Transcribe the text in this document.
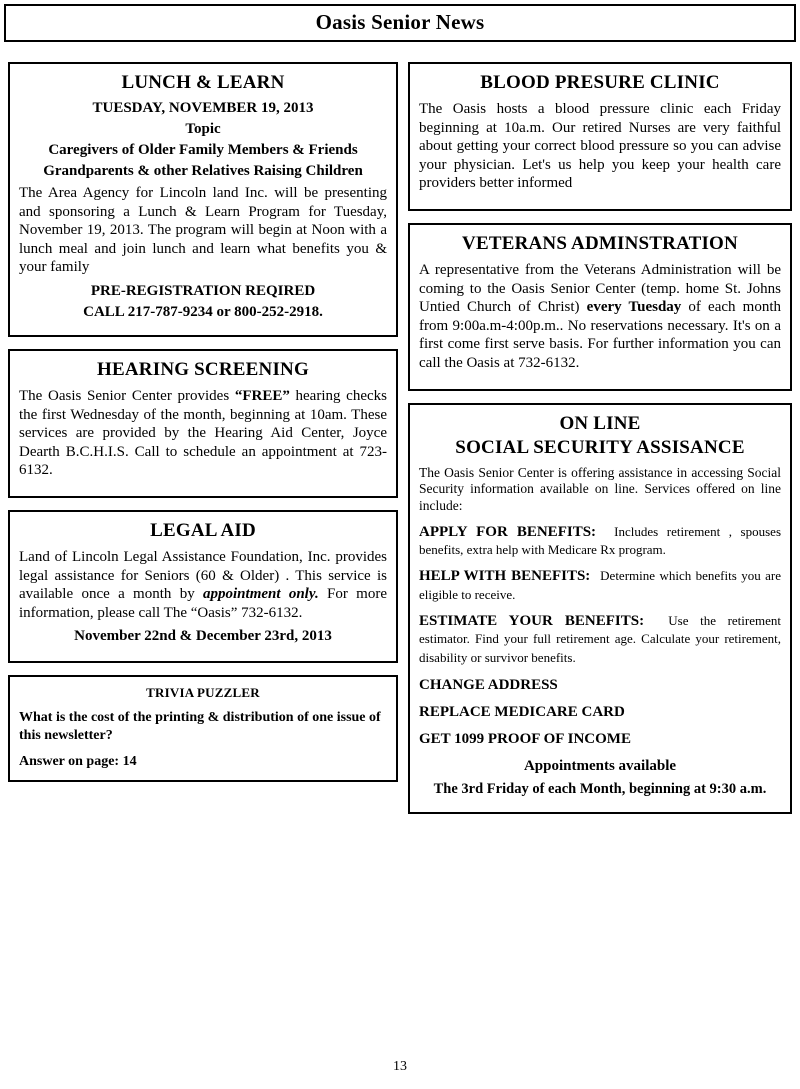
Oasis Senior News
LUNCH & LEARN
TUESDAY, NOVEMBER 19, 2013
Topic
Caregivers of Older Family Members & Friends
Grandparents & other Relatives Raising Children

The Area Agency for Lincoln land Inc. will be presenting and sponsoring a Lunch & Learn Program for Tuesday, November 19, 2013. The program will begin at Noon with a lunch meal and join lunch and learn what benefits you & your family

PRE-REGISTRATION REQIRED
CALL 217-787-9234 or 800-252-2918.
HEARING SCREENING

The Oasis Senior Center provides “FREE” hearing checks the first Wednesday of the month, beginning at 10am. These services are provided by the Hearing Aid Center, Joyce Dearth B.C.H.I.S. Call to schedule an appointment at 723-6132.

LEGAL AID

Land of Lincoln Legal Assistance Foundation, Inc. provides legal assistance for Seniors (60 & Older) . This service is available once a month by appointment only. For more information, please call The “Oasis” 732-6132.

November 22nd & December 23rd, 2013
TRIVIA PUZZLER

What is the cost of the printing & distribution of one issue of this newsletter?

Answer on page: 14
BLOOD PRESURE CLINIC

The Oasis hosts a blood pressure clinic each Friday beginning at 10a.m. Our retired Nurses are very faithful about getting your correct blood pressure so you can advise your physician. Let's us help you keep your health care providers better informed

VETERANS ADMINSTRATION

A representative from the Veterans Administration will be coming to the Oasis Senior Center (temp. home St. Johns Untied Church of Christ) every Tuesday of each month from 9:00a.m-4:00p.m.. No reservations necessary. It's on a first come first serve basis. For further information you can call the Oasis at 732-6132.

ON LINE
SOCIAL SECURITY ASSISANCE

The Oasis Senior Center is offering assistance in accessing Social Security information available on line. Services offered on line include:

APPLY FOR BENEFITS: Includes retirement , spouses benefits, extra help with Medicare Rx program.

HELP WITH BENEFITS: Determine which benefits you are eligible to receive.

ESTIMATE YOUR BENEFITS: Use the retirement estimator. Find your full retirement age. Calculate your retirement, disability or survivor benefits.

CHANGE ADDRESS
REPLACE MEDICARE CARD
GET 1099 PROOF OF INCOME
Appointments available
The 3rd Friday of each Month, beginning at 9:30 a.m.
13
